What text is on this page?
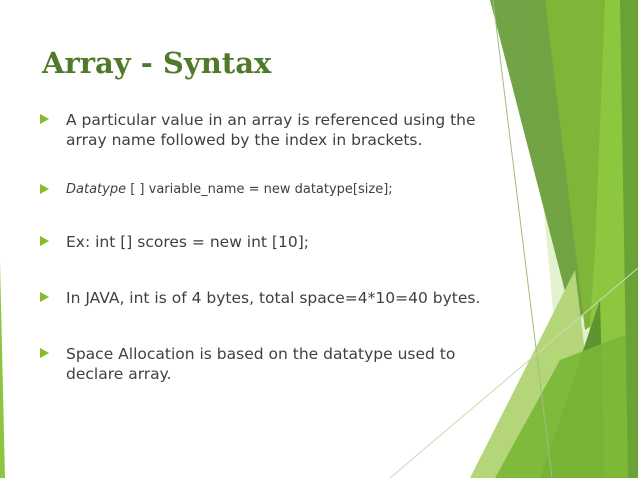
Array - Syntax
A particular value in an array is referenced using the array name followed by the index in brackets.
Datatype [ ] variable_name = new datatype[size];
Ex: int [] scores = new int [10];
In JAVA, int is of 4 bytes, total space=4*10=40 bytes.
Space Allocation is based on the datatype used to declare array.
